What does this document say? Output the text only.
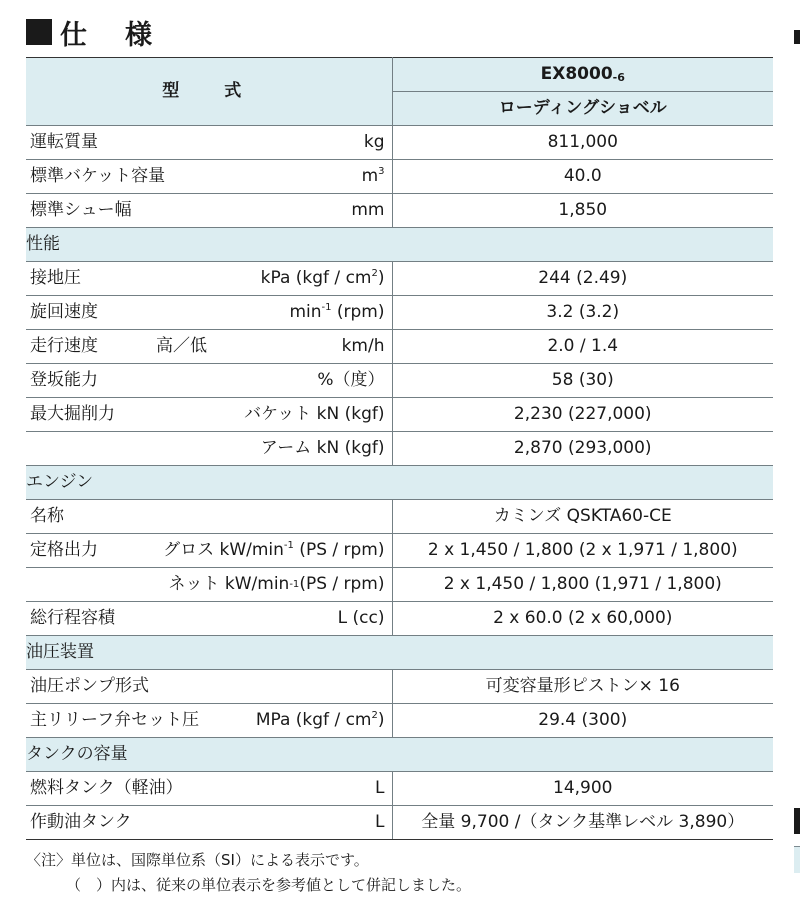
仕 様
型　式	$EX8000_{-6}$
	ローディングショベル

運転質量 kg	811,000

標準バケット容量 $m^3$	40.0

標準シュー幅 mm	1,850
性能	

接地圧 kPa $(kgf / cm^2)$	244 (2.49)

旋回速度 $\min^{-1} (rpm)$	3.2 (3.2)

走行速度 高／低 km/h	2.0 / 1.4

登坂能力 %（度）	58 (30)

最大掘削力 バケット kN (kgf)	2,230 (227,000)

アーム kN (kgf)	2,870 (293,000)
エンジン	

名称	カミンズ QSKTA60-CE

定格出力 グロス $kW/\min^{-1}$ (PS / rpm)	2 x 1,450 / 1,800 (2 x 1,971 / 1,800)

ネット kW/min -1 (PS / rpm)	2 x 1,450 / 1,800 (1,971 / 1,800)

総行程容積 L (cc)	2 x 60.0 (2 x 60,000)
油圧装置	

油圧ポンプ形式	可変容量形ピストン× 16

主リリーフ弁セット圧 MPa $(kgf / cm^2)$	29.4 (300)
タンクの容量	

燃料タンク（軽油） L	14,900

作動油タンク L	全量 9,700 /（タンク基準レベル 3,890）
〈注〉単位は、国際単位系（SI）による表示です。
（　）内は、従来の単位表示を参考値として併記しました。
